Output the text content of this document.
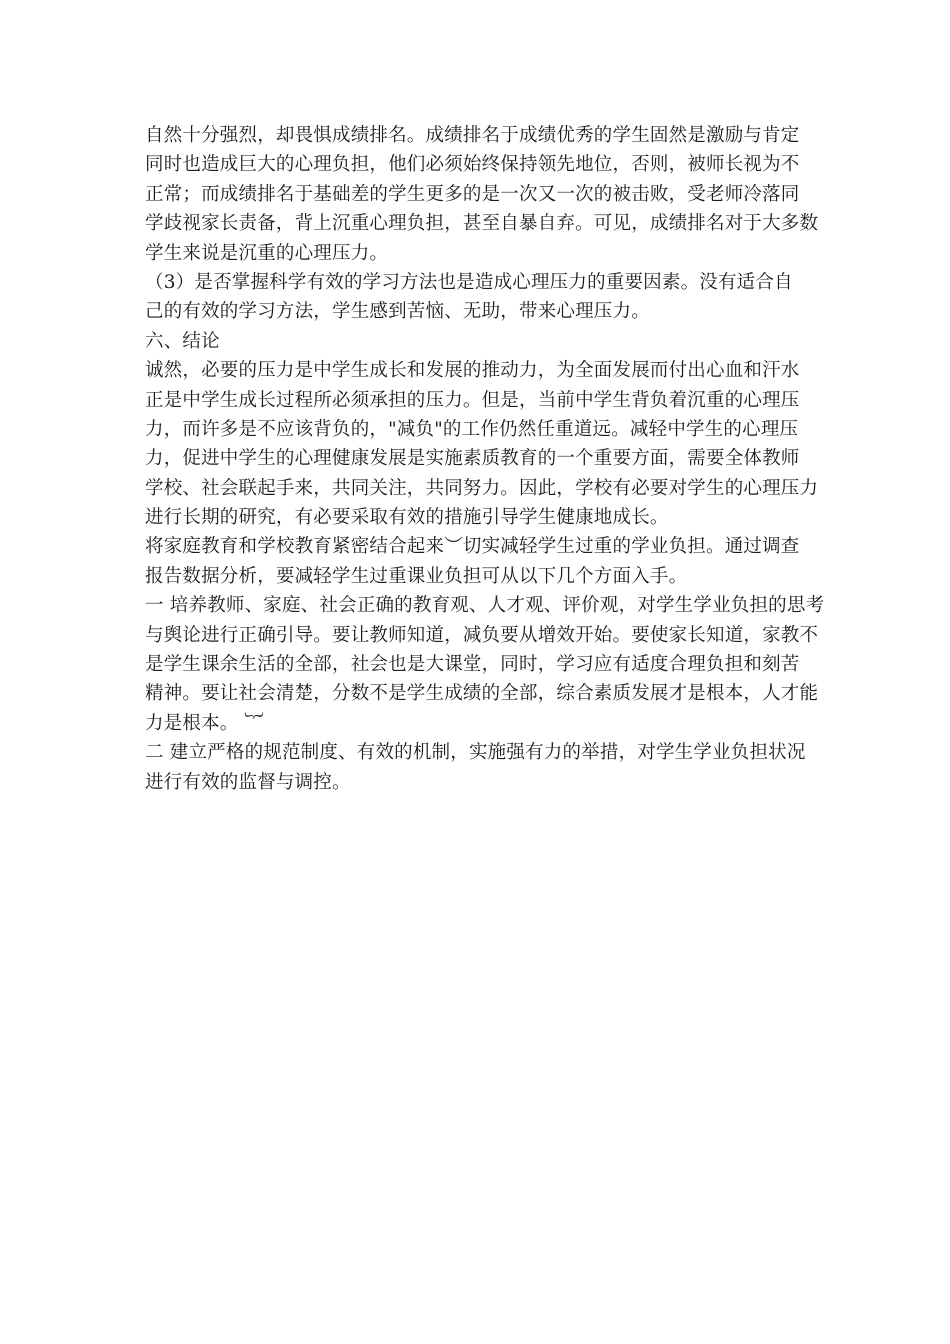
自然十分强烈，却畏惧成绩排名。成绩排名于成绩优秀的学生固然是激励与肯定
同时也造成巨大的心理负担，他们必须始终保持领先地位，否则，被师长视为不
正常；而成绩排名于基础差的学生更多的是一次又一次的被击败，受老师冷落同
学歧视家长责备，背上沉重心理负担，甚至自暴自弃。可见，成绩排名对于大多数
学生来说是沉重的心理压力。
（3）是否掌握科学有效的学习方法也是造成心理压力的重要因素。没有适合自
己的有效的学习方法，学生感到苦恼、无助，带来心理压力。
六、结论
诚然，必要的压力是中学生成长和发展的推动力，为全面发展而付出心血和汗水
正是中学生成长过程所必须承担的压力。但是，当前中学生背负着沉重的心理压
力，而许多是不应该背负的，"减负"的工作仍然任重道远。减轻中学生的心理压
力，促进中学生的心理健康发展是实施素质教育的一个重要方面，需要全体教师
学校、社会联起手来，共同关注，共同努力。因此，学校有必要对学生的心理压力
进行长期的研究，有必要采取有效的措施引导学生健康地成长。
将家庭教育和学校教育紧密结合起来︶切实减轻学生过重的学业负担。通过调查
报告数据分析，要减轻学生过重课业负担可从以下几个方面入手。
一 培养教师、家庭、社会正确的教育观、人才观、评价观，对学生学业负担的思考
与舆论进行正确引导。要让教师知道，减负要从增效开始。要使家长知道，家教不
是学生课余生活的全部，社会也是大课堂，同时，学习应有适度合理负担和刻苦
精神。要让社会清楚，分数不是学生成绩的全部，综合素质发展才是根本，人才能
力是根本。 ︸
二 建立严格的规范制度、有效的机制，实施强有力的举措，对学生学业负担状况
进行有效的监督与调控。
